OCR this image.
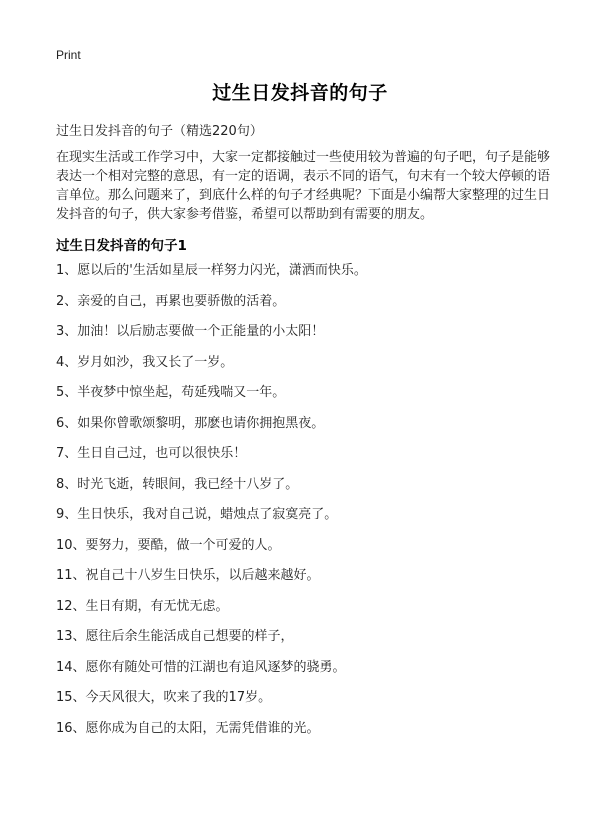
Print
过生日发抖音的句子
过生日发抖音的句子（精选220句）

在现实生活或工作学习中，大家一定都接触过一些使用较为普遍的句子吧，句子是能够表达一个相对完整的意思，有一定的语调，表示不同的语气，句末有一个较大停顿的语言单位。那么问题来了，到底什么样的句子才经典呢？下面是小编帮大家整理的过生日发抖音的句子，供大家参考借鉴，希望可以帮助到有需要的朋友。

过生日发抖音的句子1
1、愿以后的'生活如星辰一样努力闪光，潇洒而快乐。
2、亲爱的自己，再累也要骄傲的活着。
3、加油！以后励志要做一个正能量的小太阳！
4、岁月如沙，我又长了一岁。
5、半夜梦中惊坐起，苟延残喘又一年。
6、如果你曾歌颂黎明，那麽也请你拥抱黑夜。
7、生日自己过，也可以很快乐！
8、时光飞逝，转眼间，我已经十八岁了。
9、生日快乐，我对自己说，蜡烛点了寂寞亮了。
10、要努力，要酷，做一个可爱的人。
11、祝自己十八岁生日快乐，以后越来越好。
12、生日有期，有无忧无虑。
13、愿往后余生能活成自己想要的样子，
14、愿你有随处可惜的江湖也有追风逐梦的骁勇。
15、今天风很大，吹来了我的17岁。
16、愿你成为自己的太阳，无需凭借谁的光。
